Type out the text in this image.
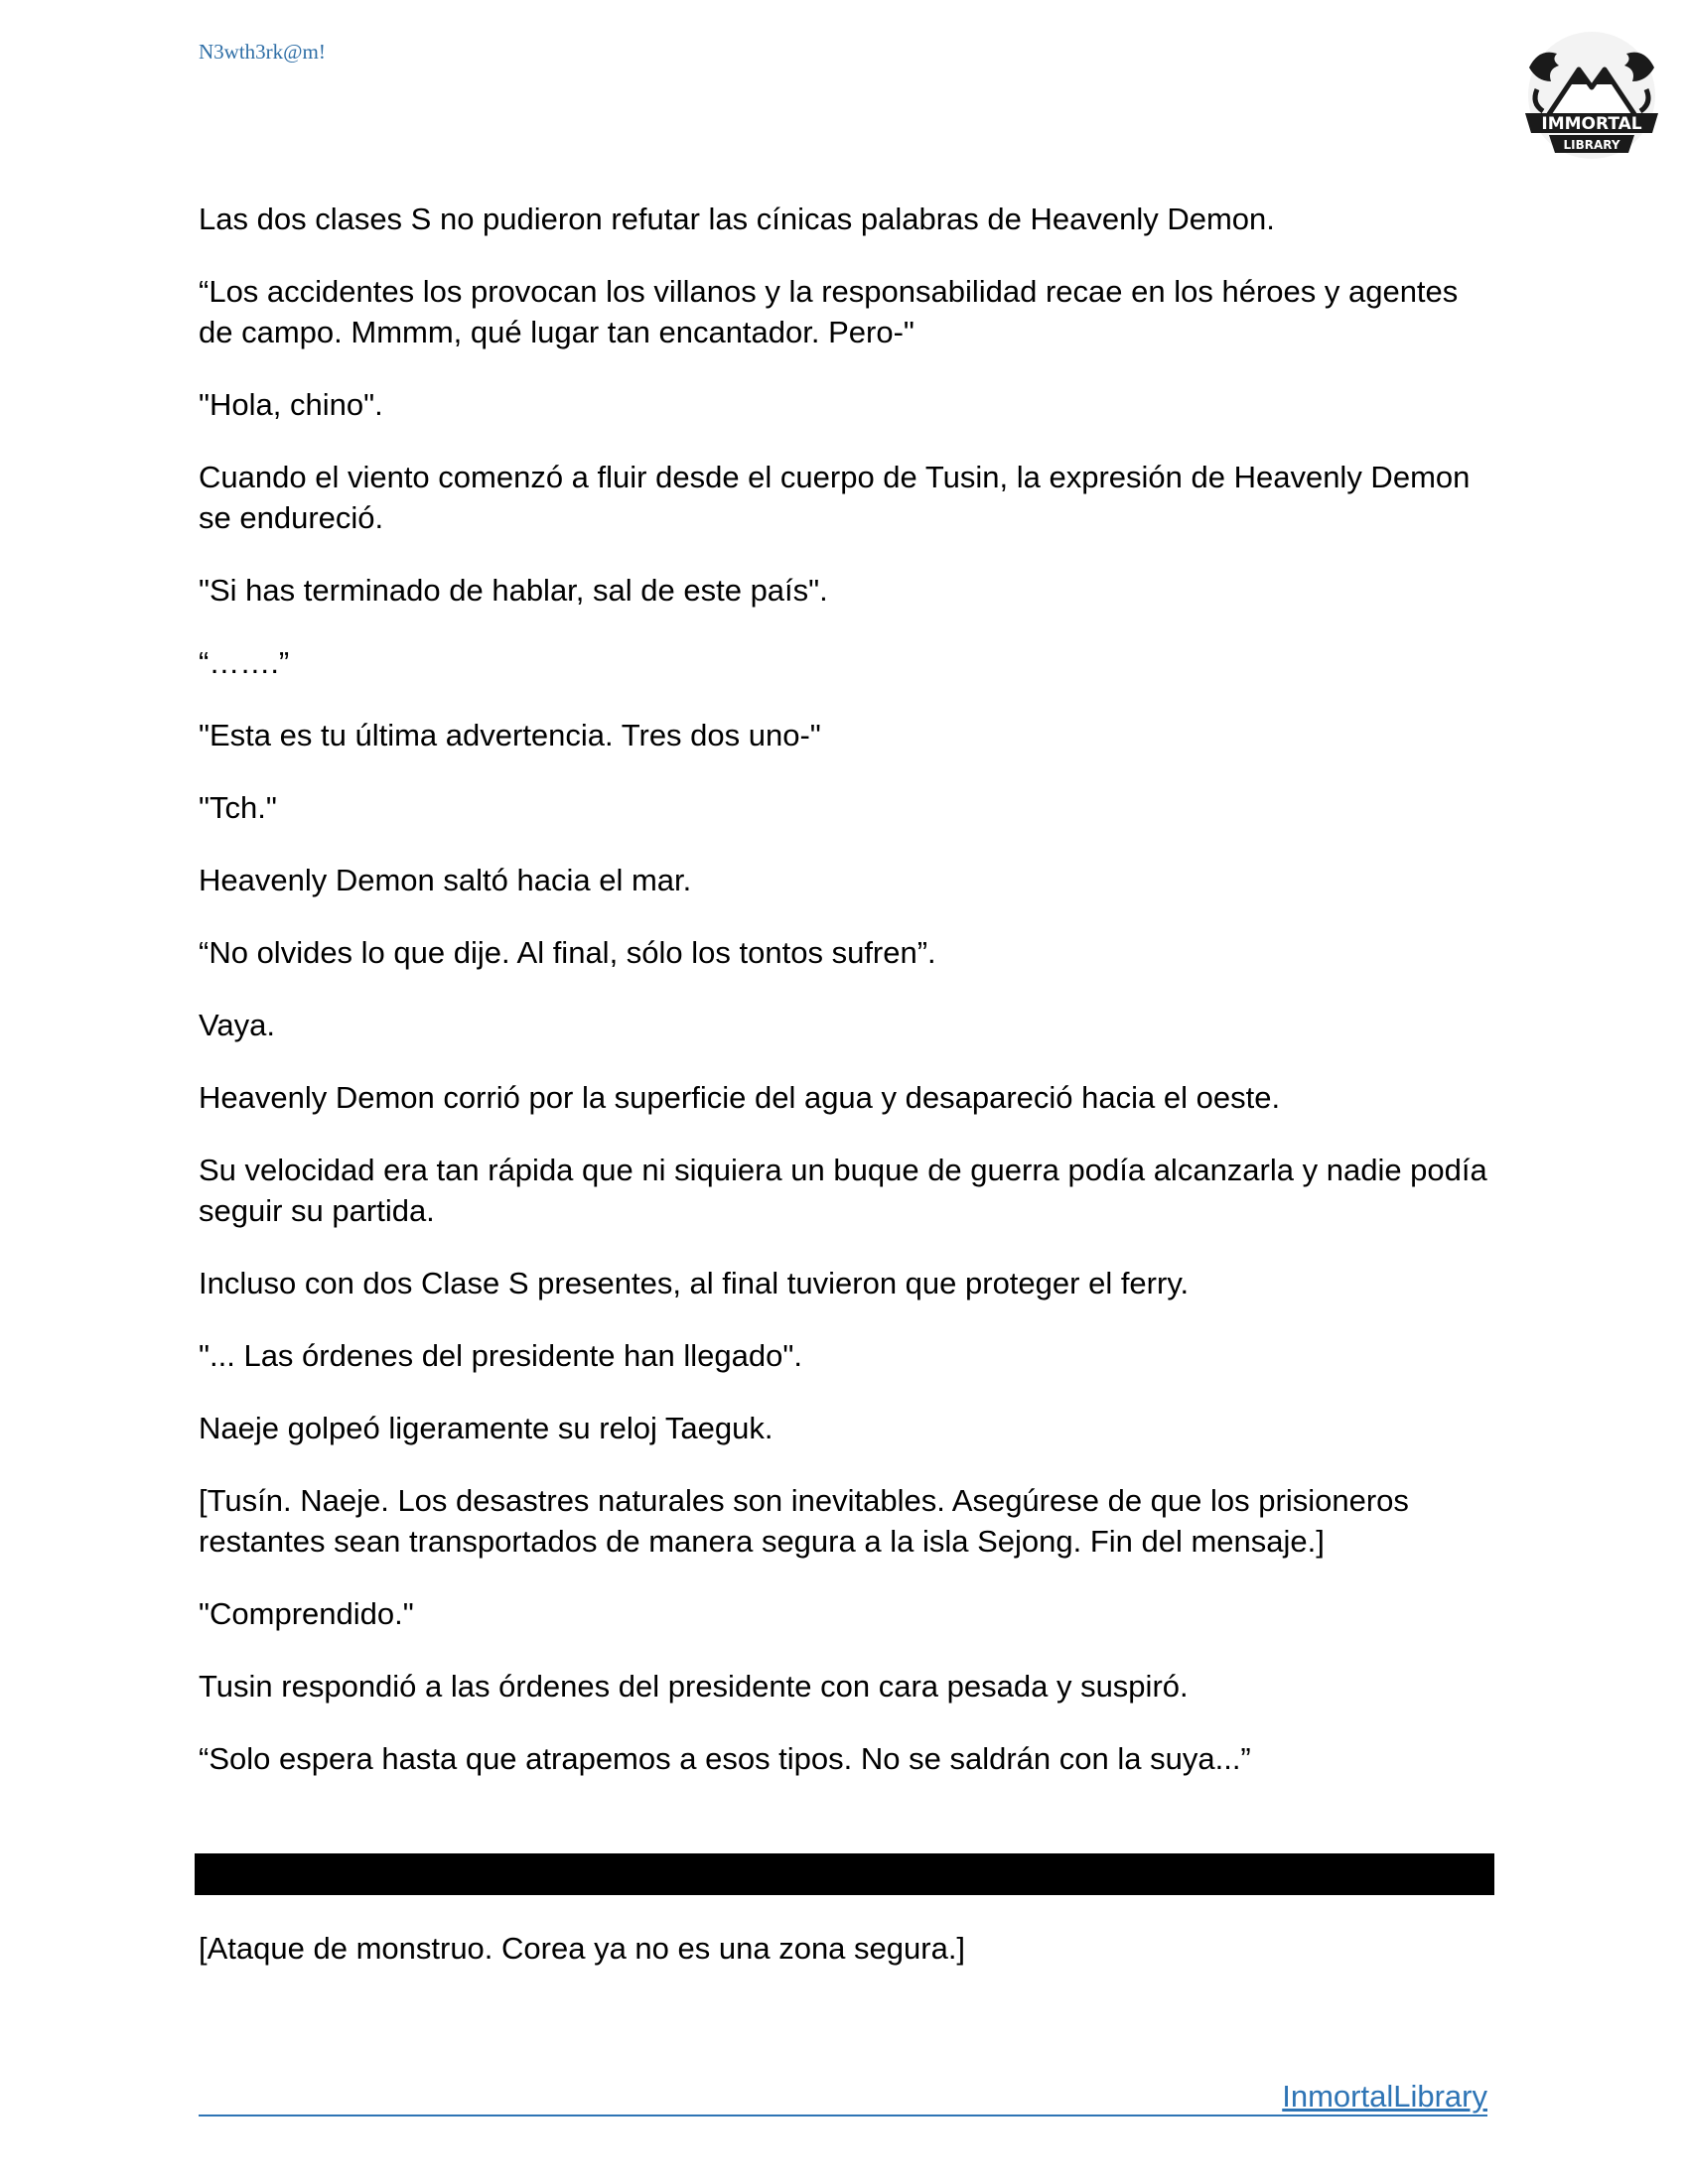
N3wth3rk@m!
IMMORTAL
LIBRARY

Las dos clases S no pudieron refutar las cínicas palabras de Heavenly Demon.

“Los accidentes los provocan los villanos y la responsabilidad recae en los héroes y agentes de campo. Mmmm, qué lugar tan encantador. Pero-"

"Hola, chino".

Cuando el viento comenzó a fluir desde el cuerpo de Tusin, la expresión de Heavenly Demon se endureció.

"Si has terminado de hablar, sal de este país".

“…….”

"Esta es tu última advertencia. Tres dos uno-"

"Tch."

Heavenly Demon saltó hacia el mar.

“No olvides lo que dije. Al final, sólo los tontos sufren”.

Vaya.

Heavenly Demon corrió por la superficie del agua y desapareció hacia el oeste.

Su velocidad era tan rápida que ni siquiera un buque de guerra podía alcanzarla y nadie podía seguir su partida.

Incluso con dos Clase S presentes, al final tuvieron que proteger el ferry.

"... Las órdenes del presidente han llegado".

Naeje golpeó ligeramente su reloj Taeguk.

[Tusín. Naeje. Los desastres naturales son inevitables. Asegúrese de que los prisioneros restantes sean transportados de manera segura a la isla Sejong. Fin del mensaje.]

"Comprendido."

Tusin respondió a las órdenes del presidente con cara pesada y suspiró.

“Solo espera hasta que atrapemos a esos tipos. No se saldrán con la suya...”

[Ataque de monstruo. Corea ya no es una zona segura.]

InmortalLibrary
